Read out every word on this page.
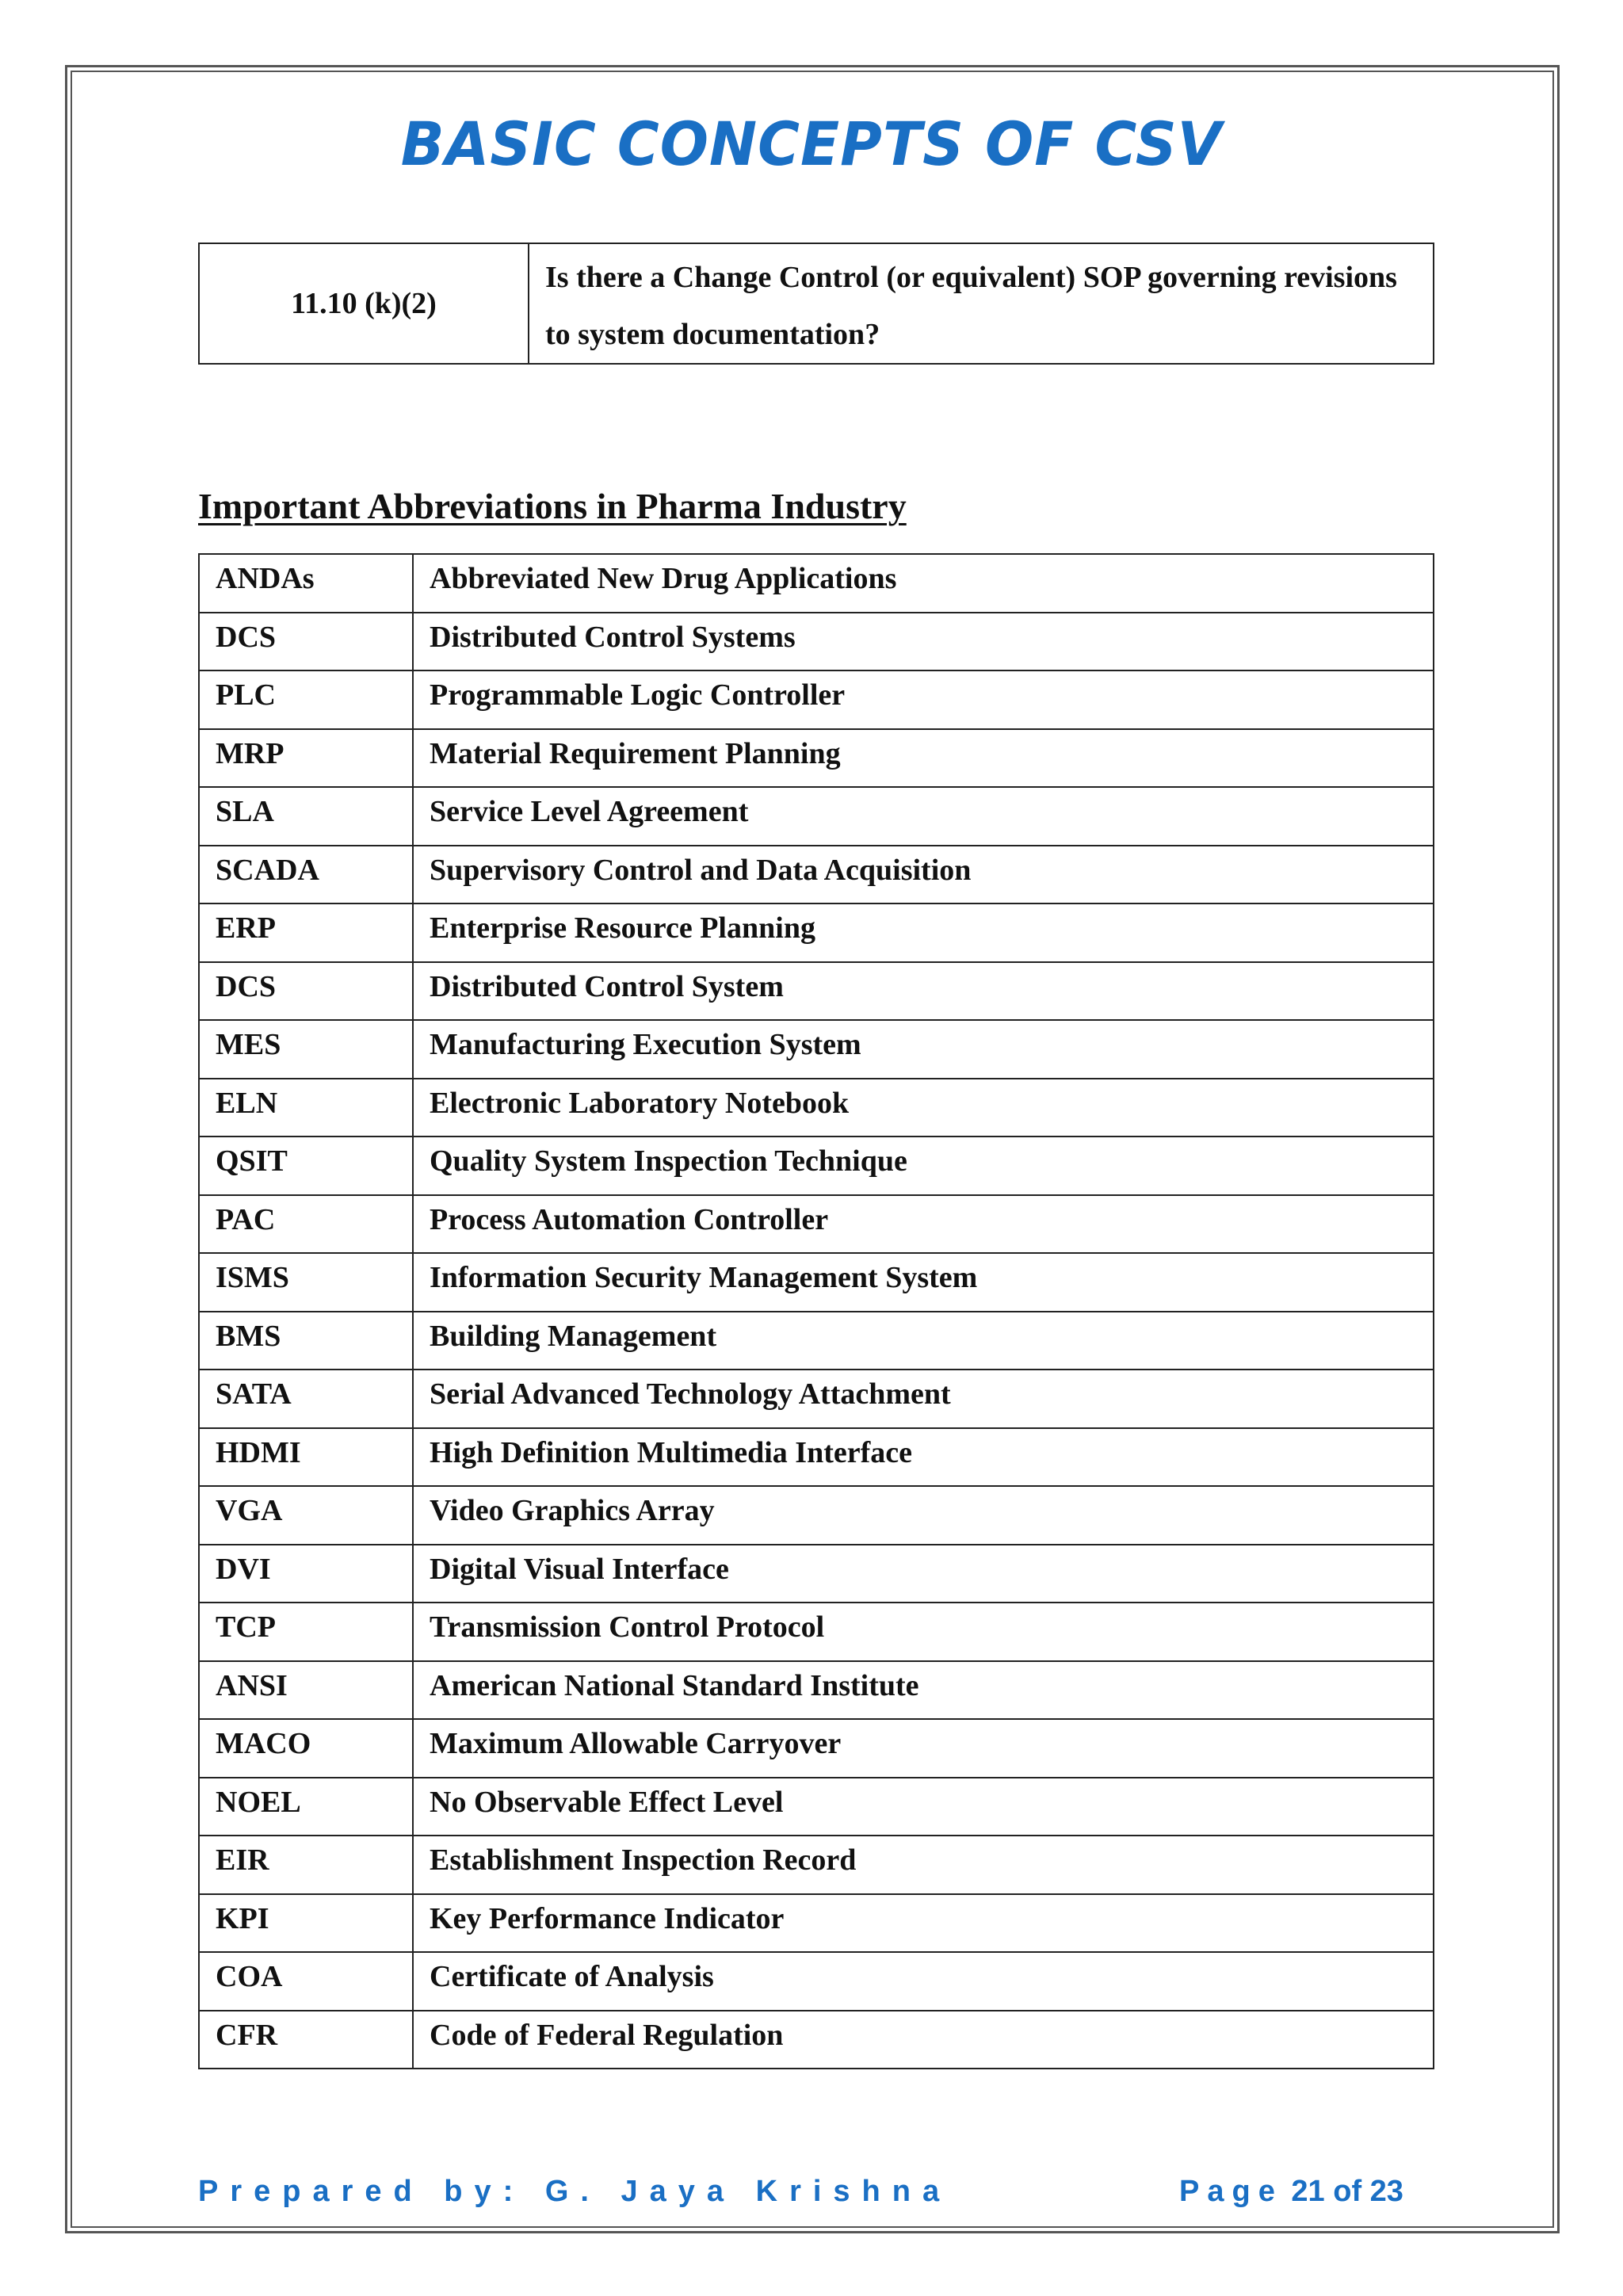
BASIC CONCEPTS OF CSV
11.10 (k)(2)	Is there a Change Control (or equivalent) SOP governing revisions to system documentation?
Important Abbreviations in Pharma Industry
ANDAs	Abbreviated New Drug Applications
DCS	Distributed Control Systems
PLC	Programmable Logic Controller
MRP	Material Requirement Planning
SLA	Service Level Agreement
SCADA	Supervisory Control and Data Acquisition
ERP	Enterprise Resource Planning
DCS	Distributed Control System
MES	Manufacturing Execution System
ELN	Electronic Laboratory Notebook
QSIT	Quality System Inspection Technique
PAC	Process Automation Controller
ISMS	Information Security Management System
BMS	Building Management
SATA	Serial Advanced Technology Attachment
HDMI	High Definition Multimedia Interface
VGA	Video Graphics Array
DVI	Digital Visual Interface
TCP	Transmission Control Protocol
ANSI	American National Standard Institute
MACO	Maximum Allowable Carryover
NOEL	No Observable Effect Level
EIR	Establishment Inspection Record
KPI	Key Performance Indicator
COA	Certificate of Analysis
CFR	Code of Federal Regulation
Prepared by: G. Jaya Krishna	Page 21 of 23
